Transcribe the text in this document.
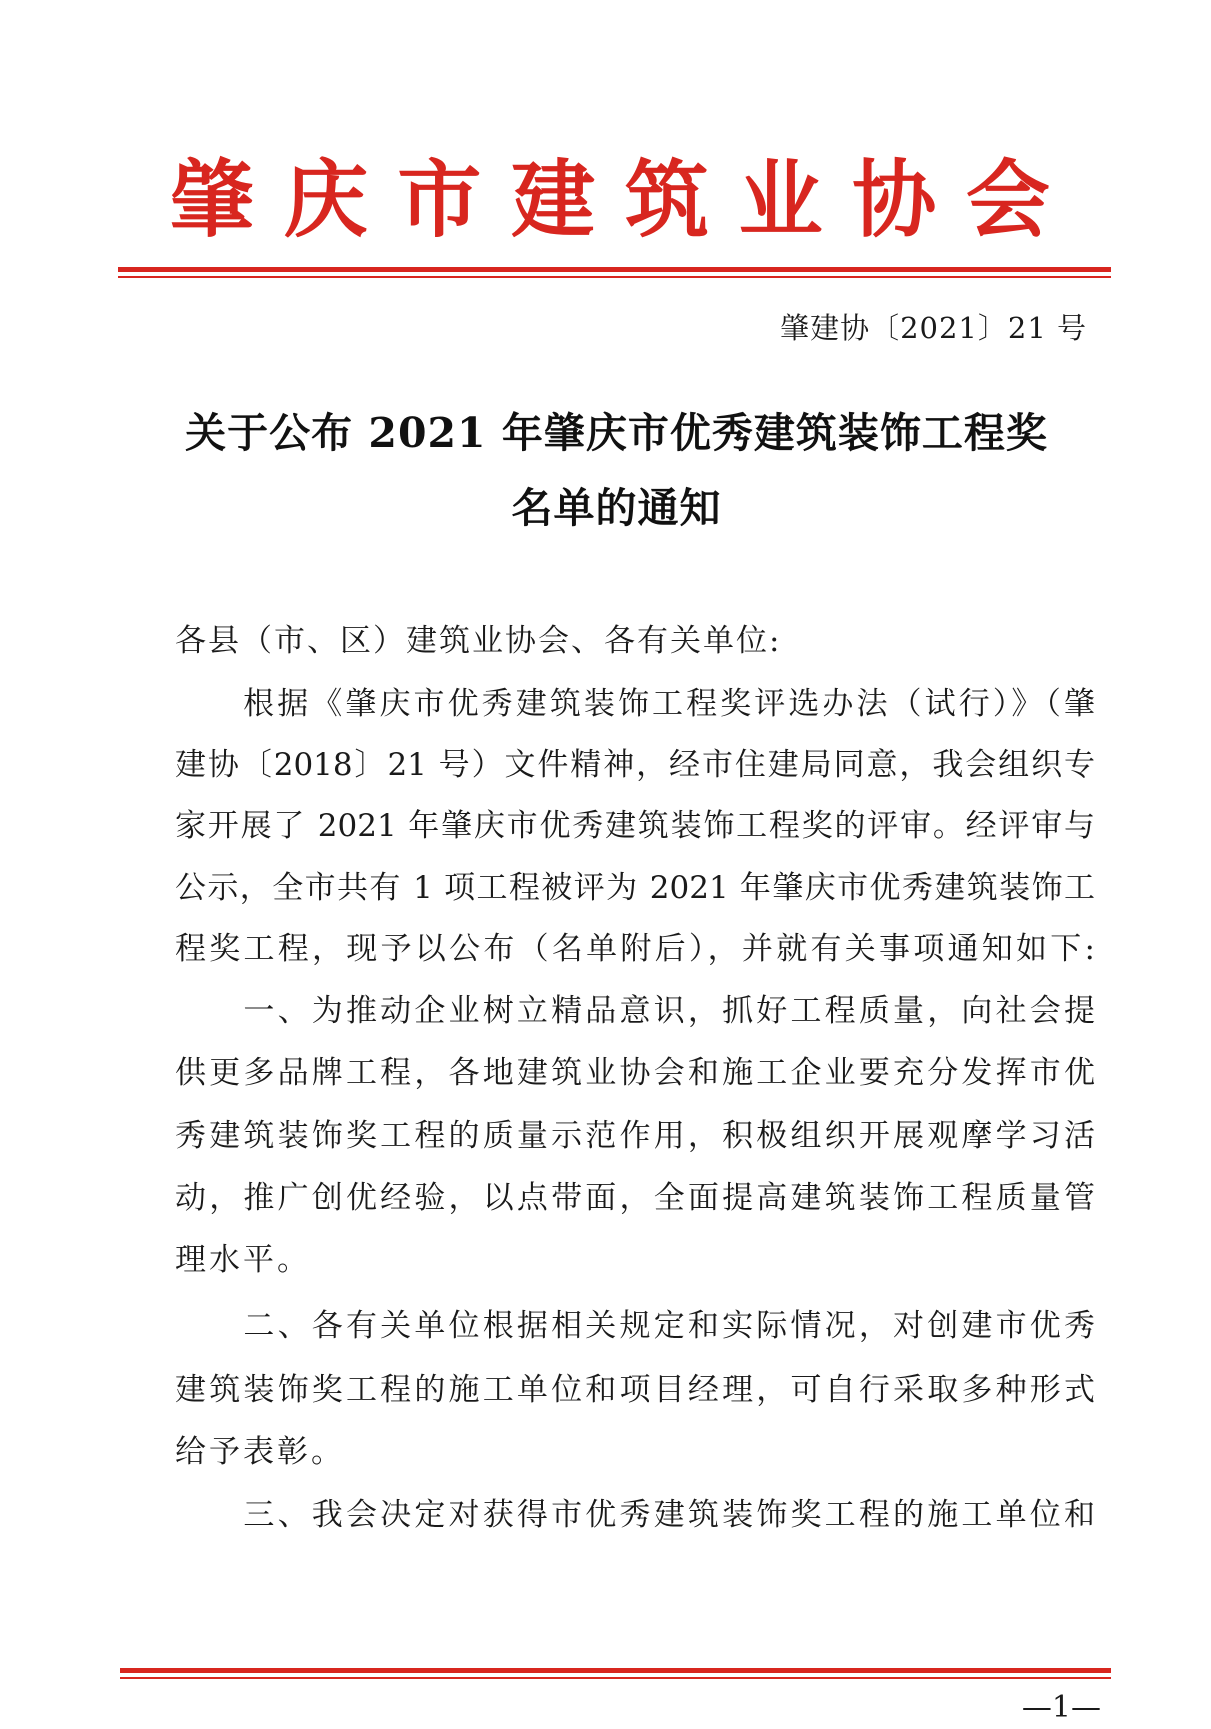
肇 庆 市 建 筑 业 协 会
肇建协〔2021〕21 号
关于公布 2021 年肇庆市优秀建筑装饰工程奖
名单的通知
各县（市、区）建筑业协会、各有关单位:
　　根据《肇庆市优秀建筑装饰工程奖评选办法（试行）》（肇
建协〔2018〕21 号）文件精神，经市住建局同意，我会组织专
家开展了 2021 年肇庆市优秀建筑装饰工程奖的评审。经评审与
公示，全市共有 1 项工程被评为 2021 年肇庆市优秀建筑装饰工
程奖工程，现予以公布（名单附后），并就有关事项通知如下:
　　一、为推动企业树立精品意识，抓好工程质量，向社会提
供更多品牌工程，各地建筑业协会和施工企业要充分发挥市优
秀建筑装饰奖工程的质量示范作用，积极组织开展观摩学习活
动，推广创优经验，以点带面，全面提高建筑装饰工程质量管
理水平。
　　二、各有关单位根据相关规定和实际情况，对创建市优秀
建筑装饰奖工程的施工单位和项目经理，可自行采取多种形式
给予表彰。
　　三、我会决定对获得市优秀建筑装饰奖工程的施工单位和
—1—
